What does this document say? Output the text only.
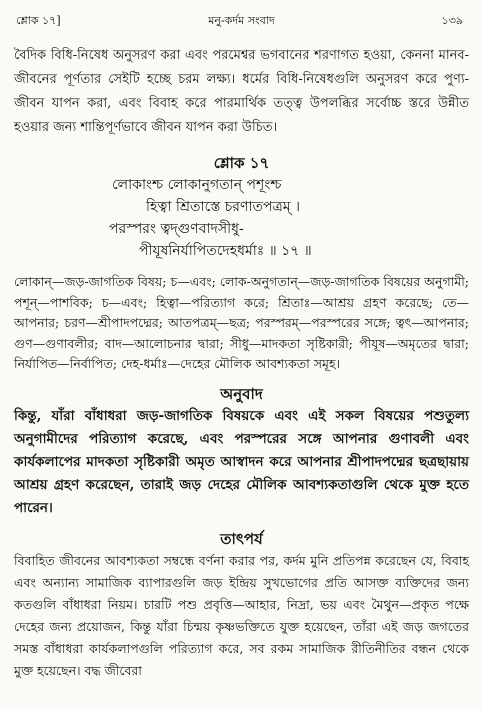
শ্লোক ১৭]	মনু-কর্দম সংবাদ	১৩৯

বৈদিক বিধি-নিষেধ অনুসরণ করা এবং পরমেশ্বর ভগবানের শরণাগত হওয়া, কেননা মানব-জীবনের পূর্ণতার সেইটি হচ্ছে চরম লক্ষ্য। ধর্মের বিধি-নিষেধগুলি অনুসরণ করে পুণ্য-জীবন যাপন করা, এবং বিবাহ করে পারমার্থিক তত্ত্ব উপলব্ধির সর্বোচ্চ স্তরে উন্নীত হওয়ার জন্য শান্তিপূর্ণভাবে জীবন যাপন করা উচিত।

শ্লোক ১৭
লোকাংশ্চ লোকানুগতান্ পশূংশ্চ
হিত্বা শ্রিতাস্তে চরণাতপত্রম্ ।
পরস্পরং ত্বদ্গুণবাদসীধু-
পীযূষনির্যাপিতদেহধর্মাঃ ॥ ১৭ ॥

লোকান্—জড়-জাগতিক বিষয়; চ—এবং; লোক-অনুগতান্—জড়-জাগতিক বিষয়ের অনুগামী; পশূন্—পাশবিক; চ—এবং; হিত্বা—পরিত্যাগ করে; শ্রিতাঃ—আশ্রয় গ্রহণ করেছে; তে—আপনার; চরণ—শ্রীপাদপদ্মের; আতপত্রম্—ছত্র; পরস্পরম্—পরস্পরের সঙ্গে; ত্বৎ—আপনার; গুণ—গুণাবলীর; বাদ—আলোচনার দ্বারা; সীধু—মাদকতা সৃষ্টিকারী; পীযূষ—অমৃতের দ্বারা; নির্যাপিত—নির্বাপিত; দেহ-ধর্মাঃ—দেহের মৌলিক আবশ্যকতা সমূহ।

অনুবাদ

কিন্তু, যাঁরা বাঁধাধরা জড়-জাগতিক বিষয়কে এবং এই সকল বিষয়ের পশুতুল্য অনুগামীদের পরিত্যাগ করেছে, এবং পরস্পরের সঙ্গে আপনার গুণাবলী এবং কার্যকলাপের মাদকতা সৃষ্টিকারী অমৃত আস্বাদন করে আপনার শ্রীপাদপদ্মের ছত্রছায়ায় আশ্রয় গ্রহণ করেছেন, তারাই জড় দেহের মৌলিক আবশ্যকতাগুলি থেকে মুক্ত হতে পারেন।

তাৎপর্য

বিবাহিত জীবনের আবশ্যকতা সম্বন্ধে বর্ণনা করার পর, কর্দম মুনি প্রতিপন্ন করেছেন যে, বিবাহ এবং অন্যান্য সামাজিক ব্যাপারগুলি জড় ইন্দ্রিয় সুখভোগের প্রতি আসক্ত ব্যক্তিদের জন্য কতগুলি বাঁধাধরা নিয়ম। চারটি পশু প্রবৃত্তি—আহার, নিদ্রা, ভয় এবং মৈথুন—প্রকৃত পক্ষে দেহের জন্য প্রয়োজন, কিন্তু যাঁরা চিন্ময় কৃষ্ণভক্তিতে যুক্ত হয়েছেন, তাঁরা এই জড় জগতের সমস্ত বাঁধাধরা কার্যকলাপগুলি পরিত্যাগ করে, সব রকম সামাজিক রীতিনীতির বন্ধন থেকে মুক্ত হয়েছেন। বদ্ধ জীবেরা
